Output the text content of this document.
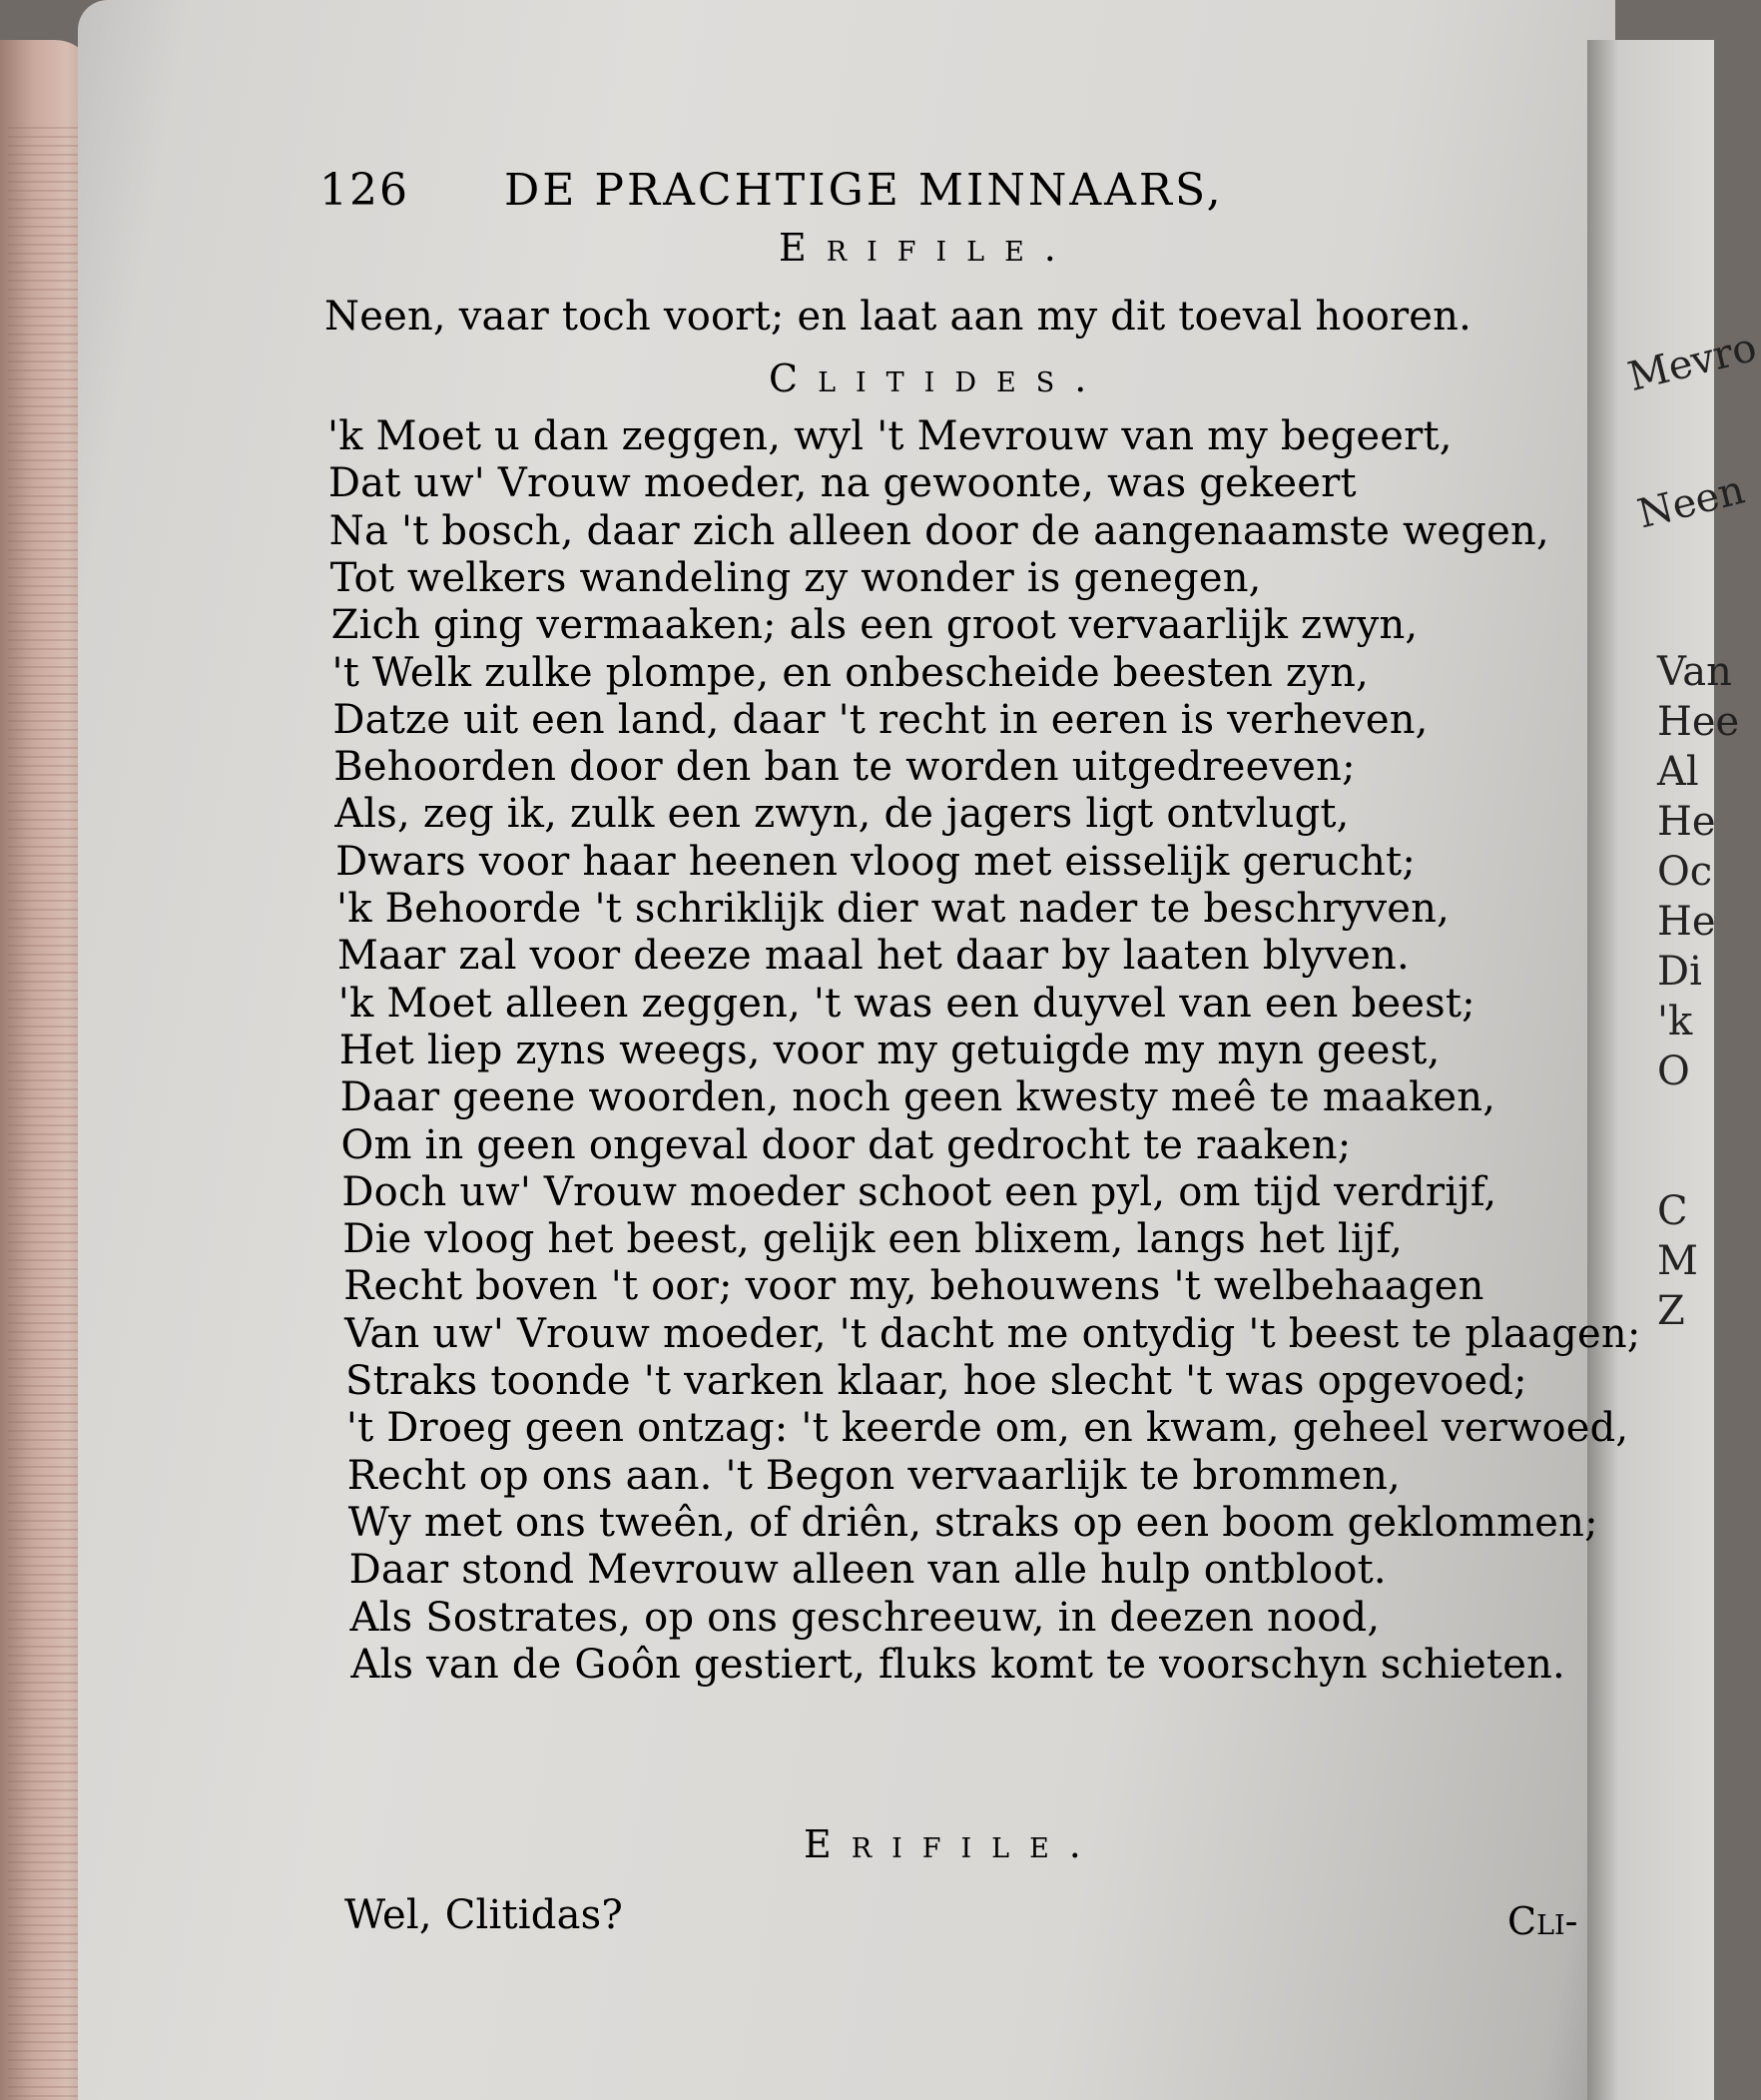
Mevro
Neen
Van
Hee
Al
He
Oc
He
Di
'k
O
C
M
Z
126 DE PRACHTIGE MINNAARS,
Erifile.
Neen, vaar toch voort; en laat aan my dit toeval hooren.
Clitides.
'k Moet u dan zeggen, wyl 't Mevrouw van my begeert,
Dat uw' Vrouw moeder, na gewoonte, was gekeert
Na 't bosch, daar zich alleen door de aangenaamste wegen,
Tot welkers wandeling zy wonder is genegen,
Zich ging vermaaken; als een groot vervaarlijk zwyn,
't Welk zulke plompe, en onbescheide beesten zyn,
Datze uit een land, daar 't recht in eeren is verheven,
Behoorden door den ban te worden uitgedreeven;
Als, zeg ik, zulk een zwyn, de jagers ligt ontvlugt,
Dwars voor haar heenen vloog met eisselijk gerucht;
'k Behoorde 't schriklijk dier wat nader te beschryven,
Maar zal voor deeze maal het daar by laaten blyven.
'k Moet alleen zeggen, 't was een duyvel van een beest;
Het liep zyns weegs, voor my getuigde my myn geest,
Daar geene woorden, noch geen kwesty meê te maaken,
Om in geen ongeval door dat gedrocht te raaken;
Doch uw' Vrouw moeder schoot een pyl, om tijd verdrijf,
Die vloog het beest, gelijk een blixem, langs het lijf,
Recht boven 't oor; voor my, behouwens 't welbehaagen
Van uw' Vrouw moeder, 't dacht me ontydig 't beest te plaagen;
Straks toonde 't varken klaar, hoe slecht 't was opgevoed;
't Droeg geen ontzag: 't keerde om, en kwam, geheel verwoed,
Recht op ons aan. 't Begon vervaarlijk te brommen,
Wy met ons tweên, of driên, straks op een boom geklommen;
Daar stond Mevrouw alleen van alle hulp ontbloot.
Als Sostrates, op ons geschreeuw, in deezen nood,
Als van de Goôn gestiert, fluks komt te voorschyn schieten.
Erifile.
Wel, Clitidas?	Cli-
